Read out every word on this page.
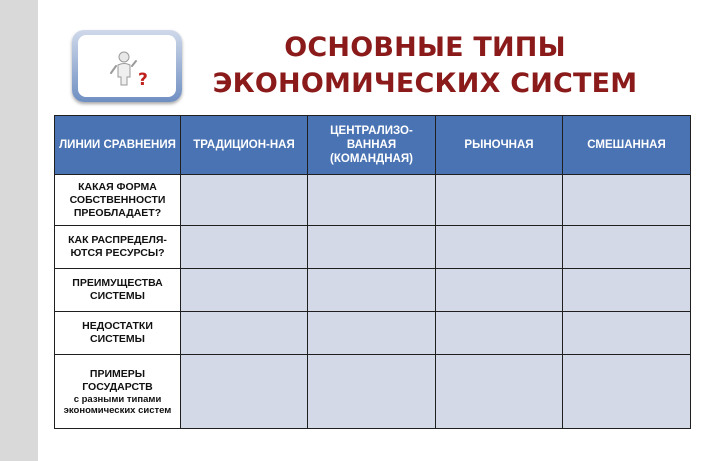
?
ОСНОВНЫЕ ТИПЫ
ЭКОНОМИЧЕСКИХ СИСТЕМ
ЛИНИИ СРАВНЕНИЯ	ТРАДИЦИОН-НАЯ	ЦЕНТРАЛИЗО-ВАННАЯ (КОМАНДНАЯ)	РЫНОЧНАЯ	СМЕШАННАЯ
КАКАЯ ФОРМА СОБСТВЕННОСТИ ПРЕОБЛАДАЕТ?				
КАК РАСПРЕДЕЛЯ-ЮТСЯ РЕСУРСЫ?				
ПРЕИМУЩЕСТВА СИСТЕМЫ				
НЕДОСТАТКИ СИСТЕМЫ				
ПРИМЕРЫ ГОСУДАРСТВ
с разными типами экономических систем				
